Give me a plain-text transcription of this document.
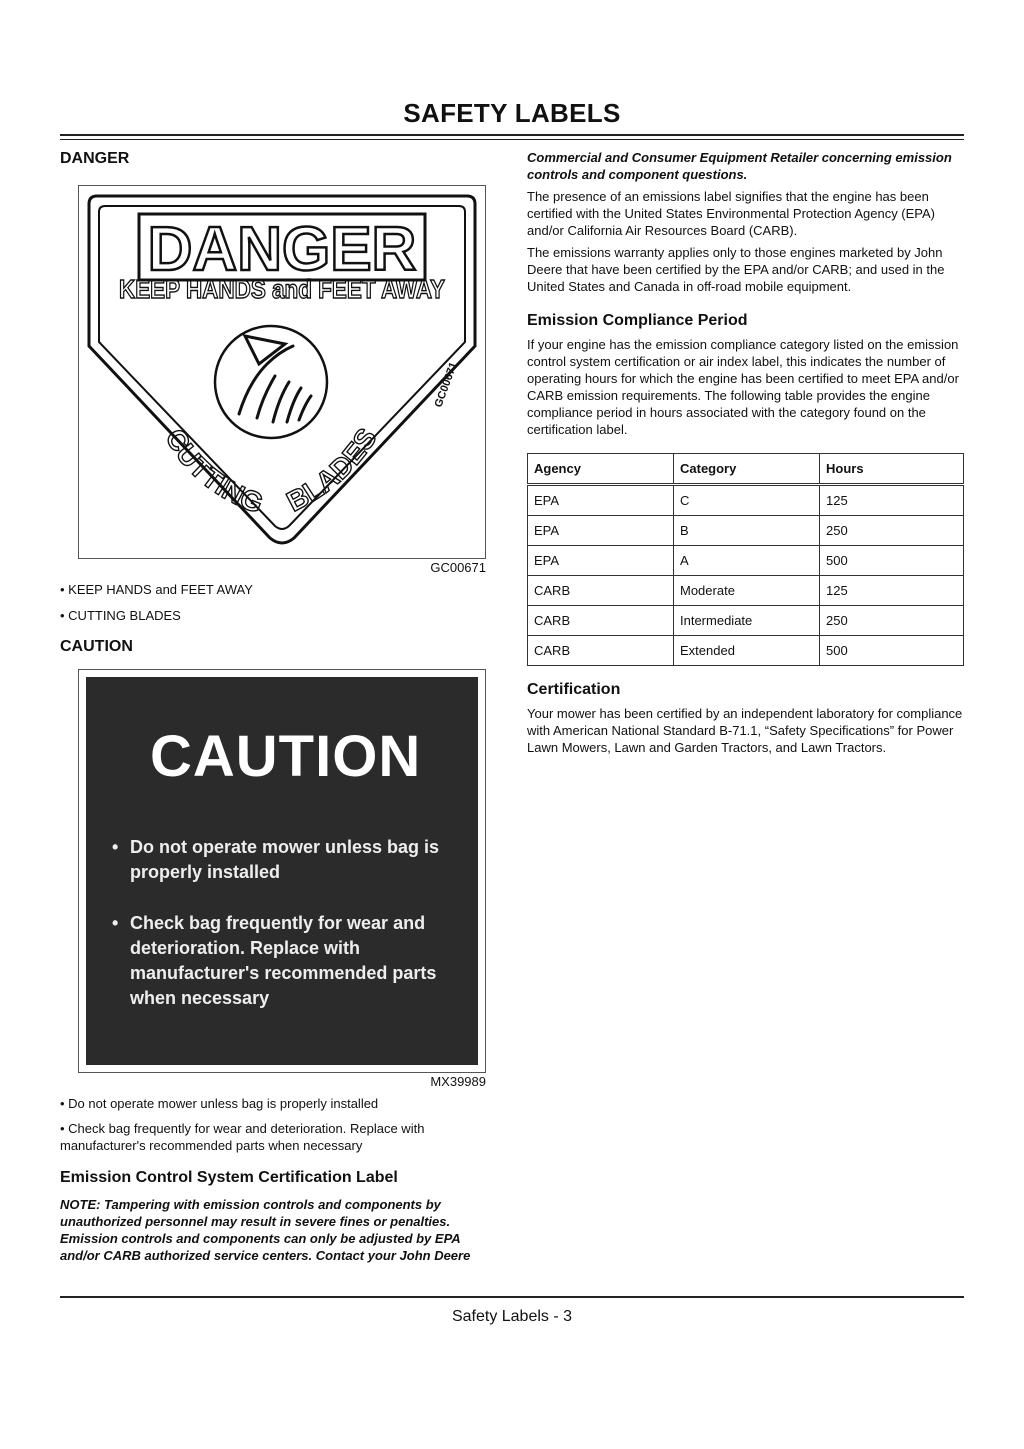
SAFETY LABELS
DANGER
DANGER
KEEP HANDS and FEET AWAY
CUTTING BLADES
GC00671
GC00671
• KEEP HANDS and FEET AWAY
• CUTTING BLADES
CAUTION
CAUTION
• Do not operate mower unless bag is properly installed
• Check bag frequently for wear and deterioration. Replace with manufacturer's recommended parts when necessary
MX39989
• Do not operate mower unless bag is properly installed
• Check bag frequently for wear and deterioration. Replace with manufacturer's recommended parts when necessary
Emission Control System Certification Label
NOTE: Tampering with emission controls and components by unauthorized personnel may result in severe fines or penalties. Emission controls and components can only be adjusted by EPA and/or CARB authorized service centers. Contact your John Deere
Commercial and Consumer Equipment Retailer concerning emission controls and component questions.

The presence of an emissions label signifies that the engine has been certified with the United States Environmental Protection Agency (EPA) and/or California Air Resources Board (CARB).

The emissions warranty applies only to those engines marketed by John Deere that have been certified by the EPA and/or CARB; and used in the United States and Canada in off-road mobile equipment.

Emission Compliance Period

If your engine has the emission compliance category listed on the emission control system certification or air index label, this indicates the number of operating hours for which the engine has been certified to meet EPA and/or CARB emission requirements. The following table provides the engine compliance period in hours associated with the category found on the certification label.

Agency	Category	Hours
EPA	C	125
EPA	B	250
EPA	A	500
CARB	Moderate	125
CARB	Intermediate	250
CARB	Extended	500
Certification

Your mower has been certified by an independent laboratory for compliance with American National Standard B-71.1, “Safety Specifications” for Power Lawn Mowers, Lawn and Garden Tractors, and Lawn Tractors.

Safety Labels - 3
